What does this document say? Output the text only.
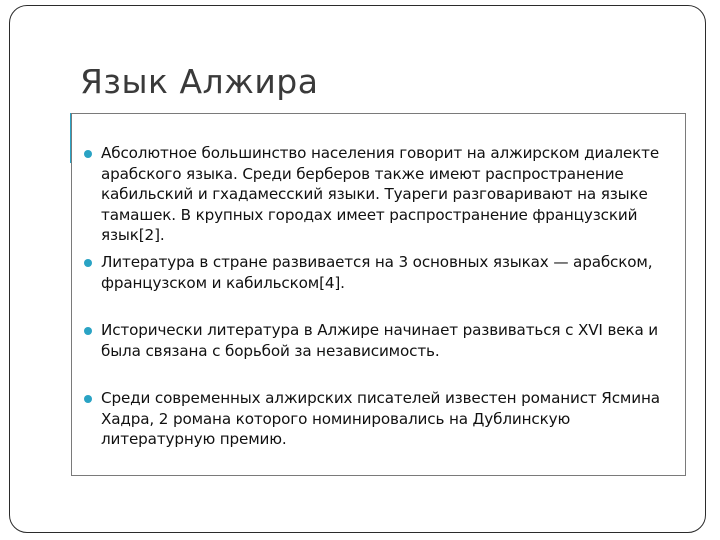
Язык Алжира
Абсолютное большинство населения говорит на алжирском диалекте арабского языка. Среди берберов также имеют распространение кабильский и гхадамесский языки. Туареги разговаривают на языке тамашек. В крупных городах имеет распространение французский язык[2].
Литература в стране развивается на 3 основных языках — арабском, французском и кабильском[4].
Исторически литература в Алжире начинает развиваться с XVI века и была связана с борьбой за независимость.
Среди современных алжирских писателей известен романист Ясмина Хадра, 2 романа которого номинировались на Дублинскую литературную премию.
